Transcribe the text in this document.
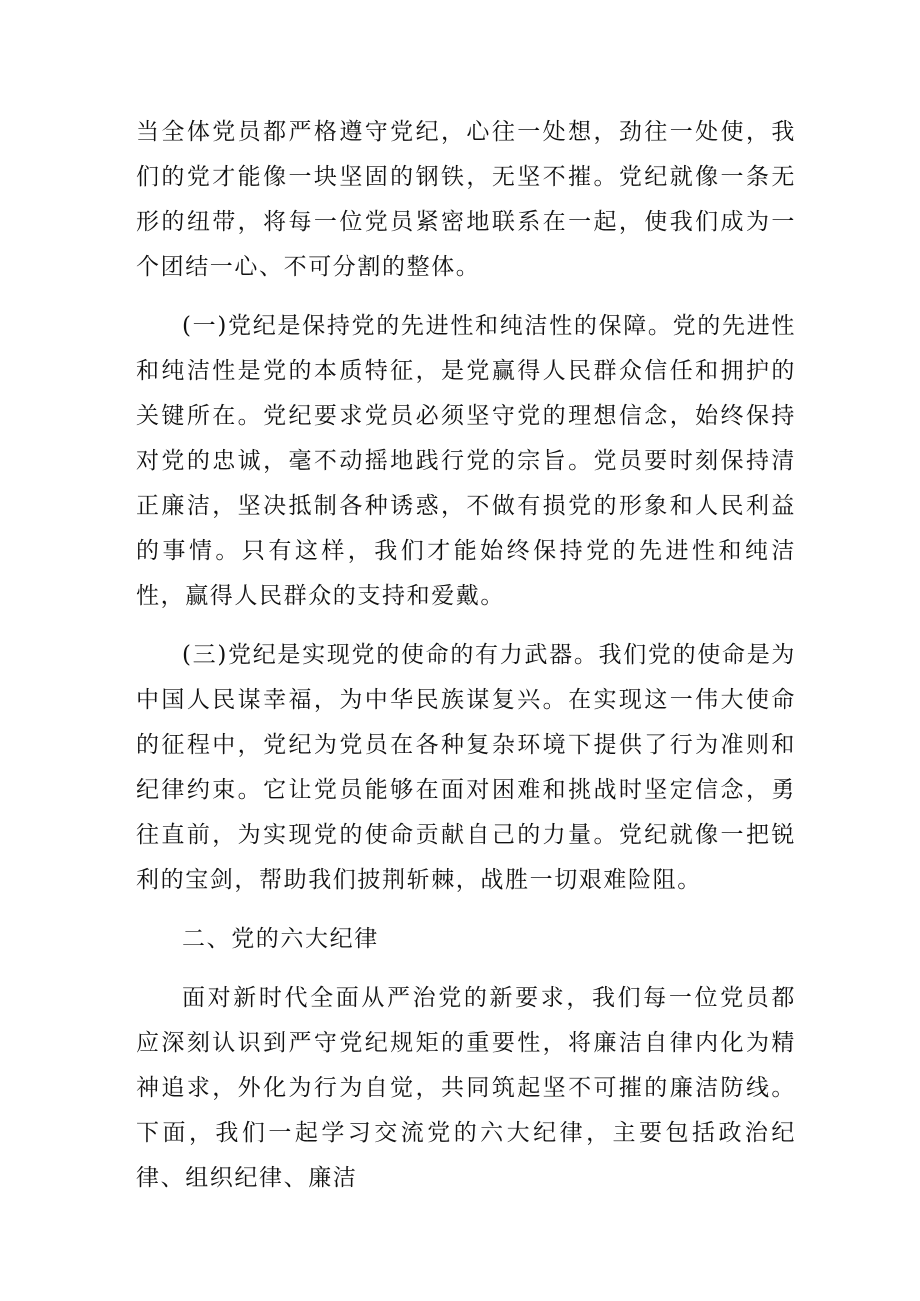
当全体党员都严格遵守党纪，心往一处想，劲往一处使，我们的党才能像一块坚固的钢铁，无坚不摧。党纪就像一条无形的纽带，将每一位党员紧密地联系在一起，使我们成为一个团结一心、不可分割的整体。

(一)党纪是保持党的先进性和纯洁性的保障。党的先进性和纯洁性是党的本质特征，是党赢得人民群众信任和拥护的关键所在。党纪要求党员必须坚守党的理想信念，始终保持对党的忠诚，毫不动摇地践行党的宗旨。党员要时刻保持清正廉洁，坚决抵制各种诱惑，不做有损党的形象和人民利益的事情。只有这样，我们才能始终保持党的先进性和纯洁性，赢得人民群众的支持和爱戴。

(三)党纪是实现党的使命的有力武器。我们党的使命是为中国人民谋幸福，为中华民族谋复兴。在实现这一伟大使命的征程中，党纪为党员在各种复杂环境下提供了行为准则和纪律约束。它让党员能够在面对困难和挑战时坚定信念，勇往直前，为实现党的使命贡献自己的力量。党纪就像一把锐利的宝剑，帮助我们披荆斩棘，战胜一切艰难险阻。

二、党的六大纪律

面对新时代全面从严治党的新要求，我们每一位党员都应深刻认识到严守党纪规矩的重要性，将廉洁自律内化为精神追求，外化为行为自觉，共同筑起坚不可摧的廉洁防线。下面，我们一起学习交流党的六大纪律，主要包括政治纪律、组织纪律、廉洁
